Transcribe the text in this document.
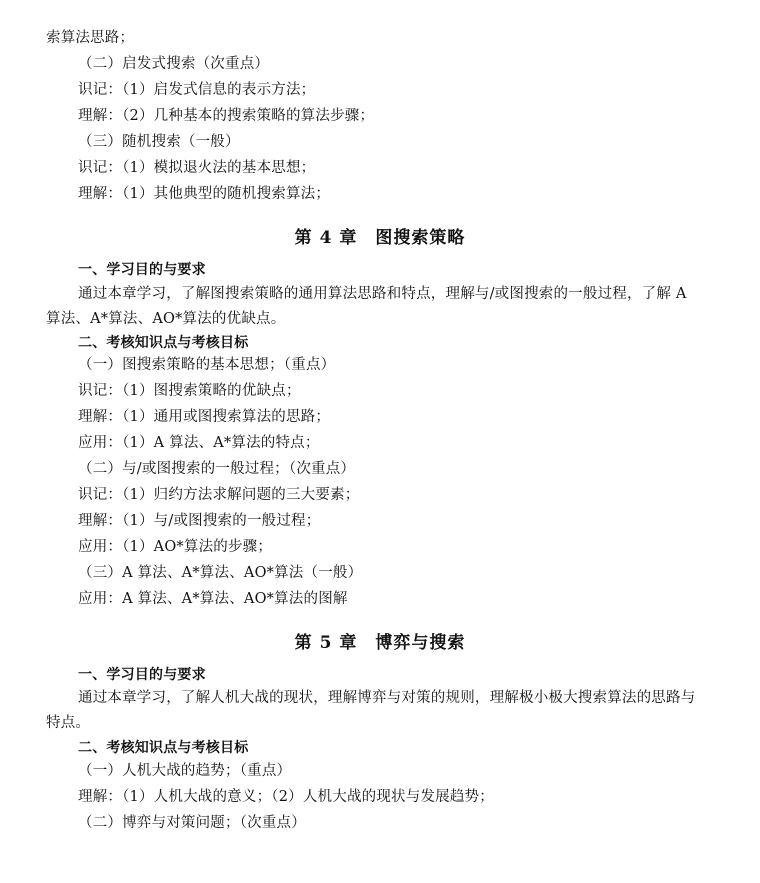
索算法思路；
（二）启发式搜索（次重点）
识记：（1）启发式信息的表示方法；
理解：（2）几种基本的搜索策略的算法步骤；
（三）随机搜索（一般）
识记：（1）模拟退火法的基本思想；
理解：（1）其他典型的随机搜索算法；
第 4 章　图搜索策略
一、学习目的与要求
通过本章学习，了解图搜索策略的通用算法思路和特点，理解与/或图搜索的一般过程，了解 A
算法、A*算法、AO*算法的优缺点。
二、考核知识点与考核目标
（一）图搜索策略的基本思想；（重点）
识记：（1）图搜索策略的优缺点；
理解：（1）通用或图搜索算法的思路；
应用：（1）A 算法、A*算法的特点；
（二）与/或图搜索的一般过程；（次重点）
识记：（1）归约方法求解问题的三大要素；
理解：（1）与/或图搜索的一般过程；
应用：（1）AO*算法的步骤；
（三）A 算法、A*算法、AO*算法（一般）
应用：A 算法、A*算法、AO*算法的图解
第 5 章　博弈与搜索
一、学习目的与要求
通过本章学习，了解人机大战的现状，理解博弈与对策的规则，理解极小极大搜索算法的思路与
特点。
二、考核知识点与考核目标
（一）人机大战的趋势；（重点）
理解：（1）人机大战的意义；（2）人机大战的现状与发展趋势；
（二）博弈与对策问题；（次重点）
